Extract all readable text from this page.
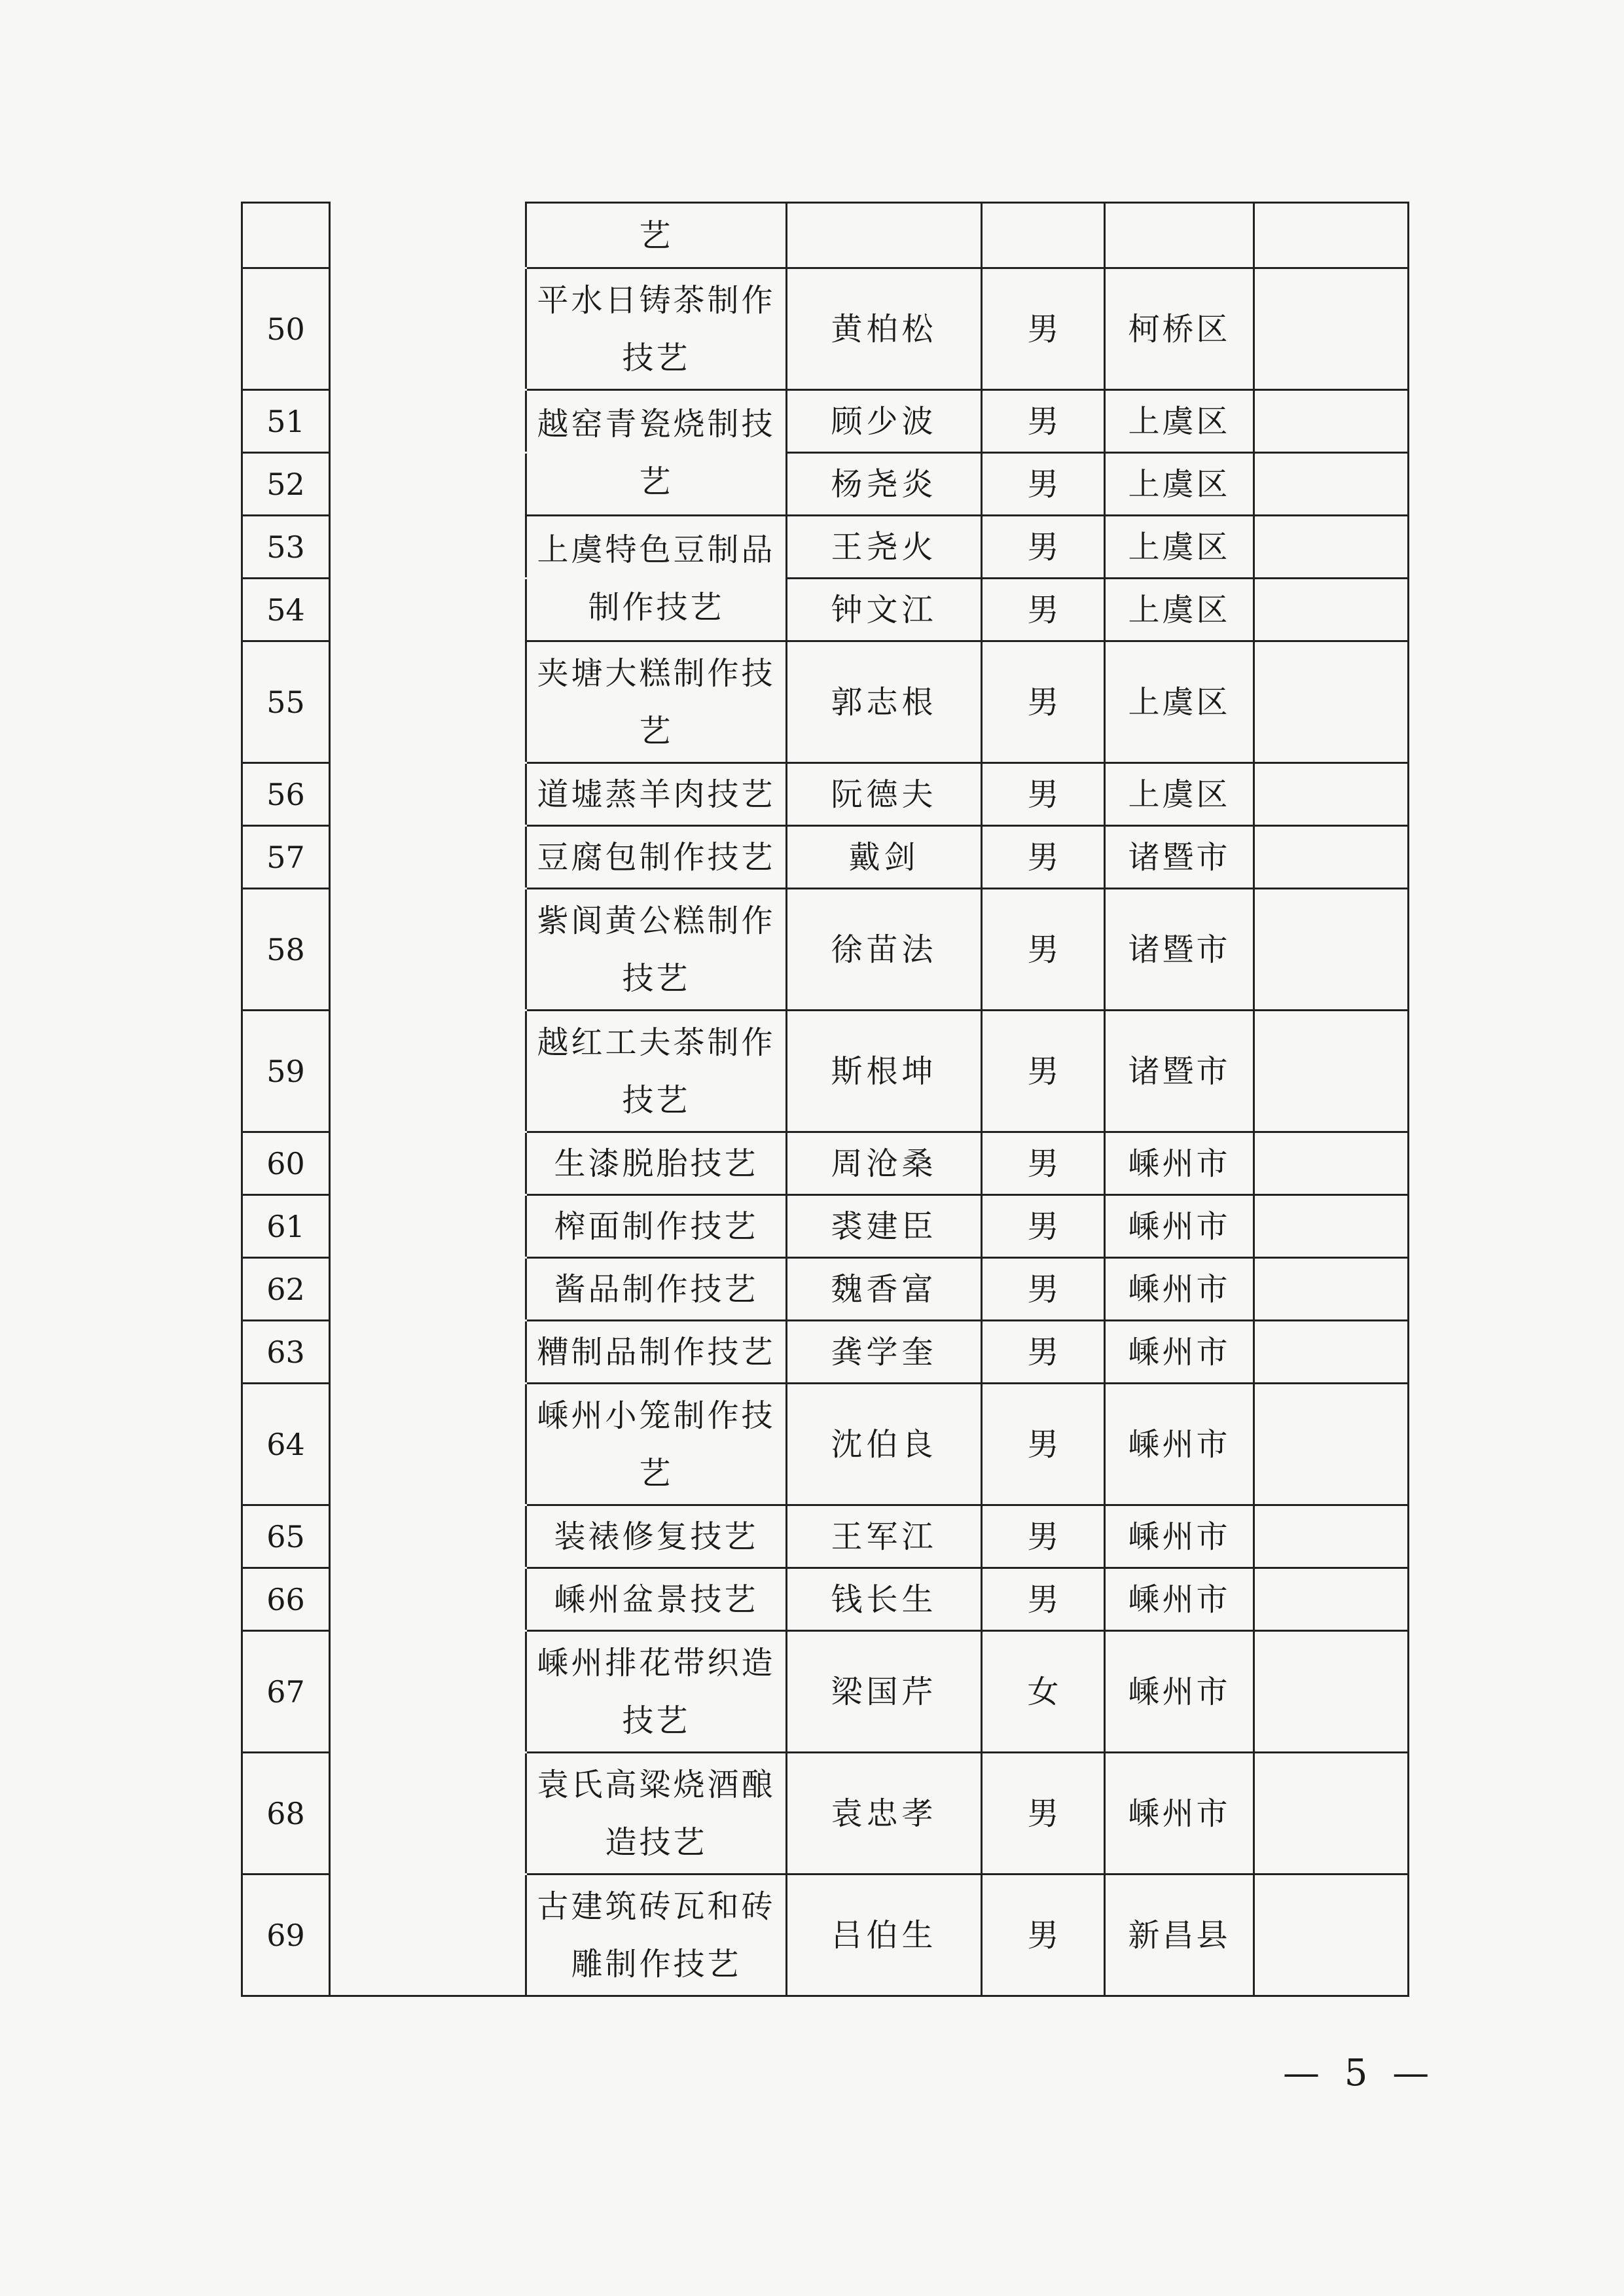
		艺				
50		平水日铸茶制作技艺	黄柏松	男	柯桥区	
51		越窑青瓷烧制技艺	顾少波	男	上虞区	
52			杨尧炎	男	上虞区	
53		上虞特色豆制品制作技艺	王尧火	男	上虞区	
54			钟文江	男	上虞区	
55		夹塘大糕制作技艺	郭志根	男	上虞区	
56		道墟蒸羊肉技艺	阮德夫	男	上虞区	
57		豆腐包制作技艺	戴剑	男	诸暨市	
58		紫阆黄公糕制作技艺	徐苗法	男	诸暨市	
59		越红工夫茶制作技艺	斯根坤	男	诸暨市	
60		生漆脱胎技艺	周沧桑	男	嵊州市	
61		榨面制作技艺	裘建臣	男	嵊州市	
62		酱品制作技艺	魏香富	男	嵊州市	
63		糟制品制作技艺	龚学奎	男	嵊州市	
64		嵊州小笼制作技艺	沈伯良	男	嵊州市	
65		装裱修复技艺	王军江	男	嵊州市	
66		嵊州盆景技艺	钱长生	男	嵊州市	
67		嵊州排花带织造技艺	梁国芹	女	嵊州市	
68		袁氏高粱烧酒酿造技艺	袁忠孝	男	嵊州市	
69		古建筑砖瓦和砖雕制作技艺	吕伯生	男	新昌县	
— 5 —
